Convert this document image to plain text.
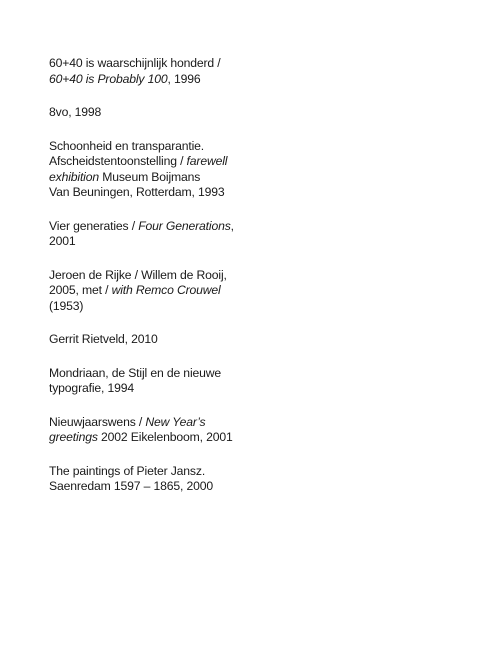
60+40 is waarschijnlijk honderd /
60+40 is Probably 100, 1996
8vo, 1998
Schoonheid en transparantie.
Afscheidstentoonstelling / farewell
exhibition Museum Boijmans
Van Beuningen, Rotterdam, 1993
Vier generaties / Four Generations,
2001
Jeroen de Rijke / Willem de Rooij,
2005, met / with Remco Crouwel
(1953)
Gerrit Rietveld, 2010
Mondriaan, de Stijl en de nieuwe
typografie, 1994
Nieuwjaarswens / New Year’s
greetings 2002 Eikelenboom, 2001
The paintings of Pieter Jansz.
Saenredam 1597 – 1865, 2000
